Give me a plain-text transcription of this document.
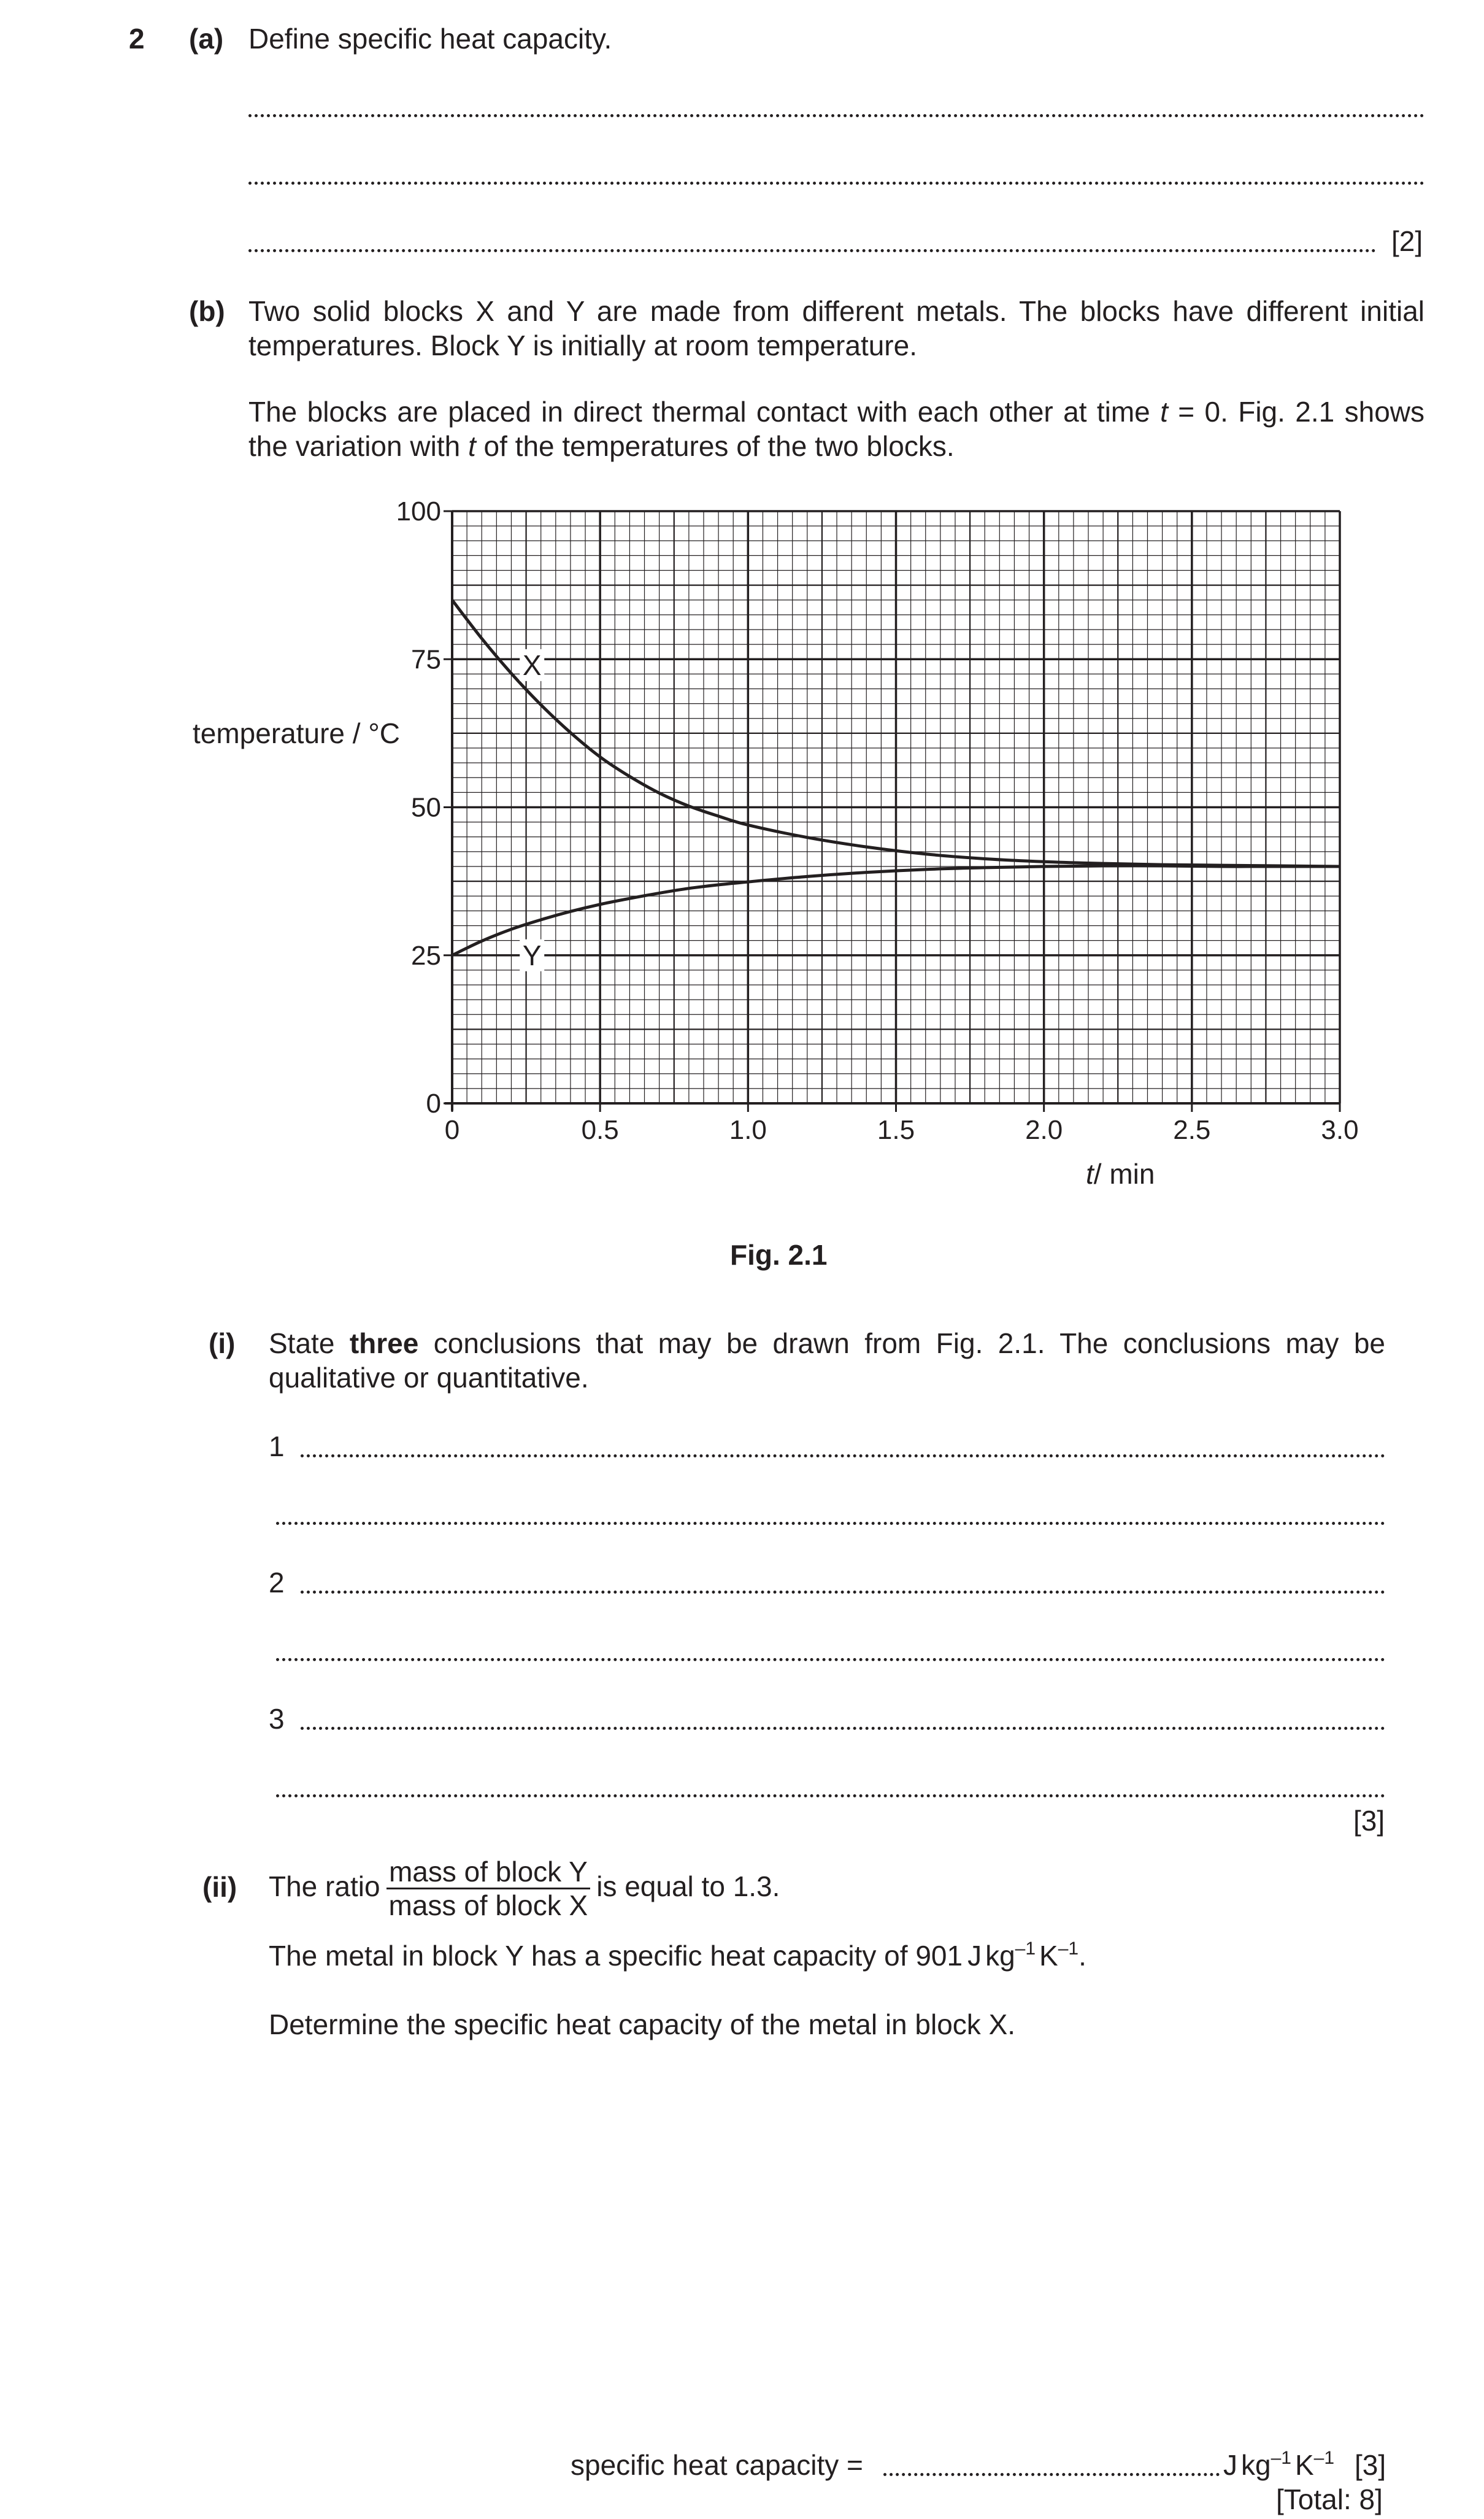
2 (a) Define specific heat capacity.
[2]
(b) Two solid blocks X and Y are made from different metals. The blocks have different initial
temperatures. Block Y is initially at room temperature.
The blocks are placed in direct thermal contact with each other at time t = 0. Fig. 2.1 shows
the variation with t of the temperatures of the two blocks.
0
25
50
75
100
0	0.5	1.0	1.5	2.0	2.5	3.0
X
Y
temperature / °C
t/ min
Fig. 2.1
(i) State three conclusions that may be drawn from Fig. 2.1. The conclusions may be
qualitative or quantitative.
1
2
3
[3]
(ii) The ratio $\frac{\text{mass of block Y}}{\text{mass of block X}}$ is equal to 1.3.
The metal in block Y has a specific heat capacity of 901 J $kg^{-1}$ $K^{-1}$.
Determine the specific heat capacity of the metal in block X.
specific heat capacity =	J $kg^{-1}$ $K^{-1}$ [3]
[Total: 8]
